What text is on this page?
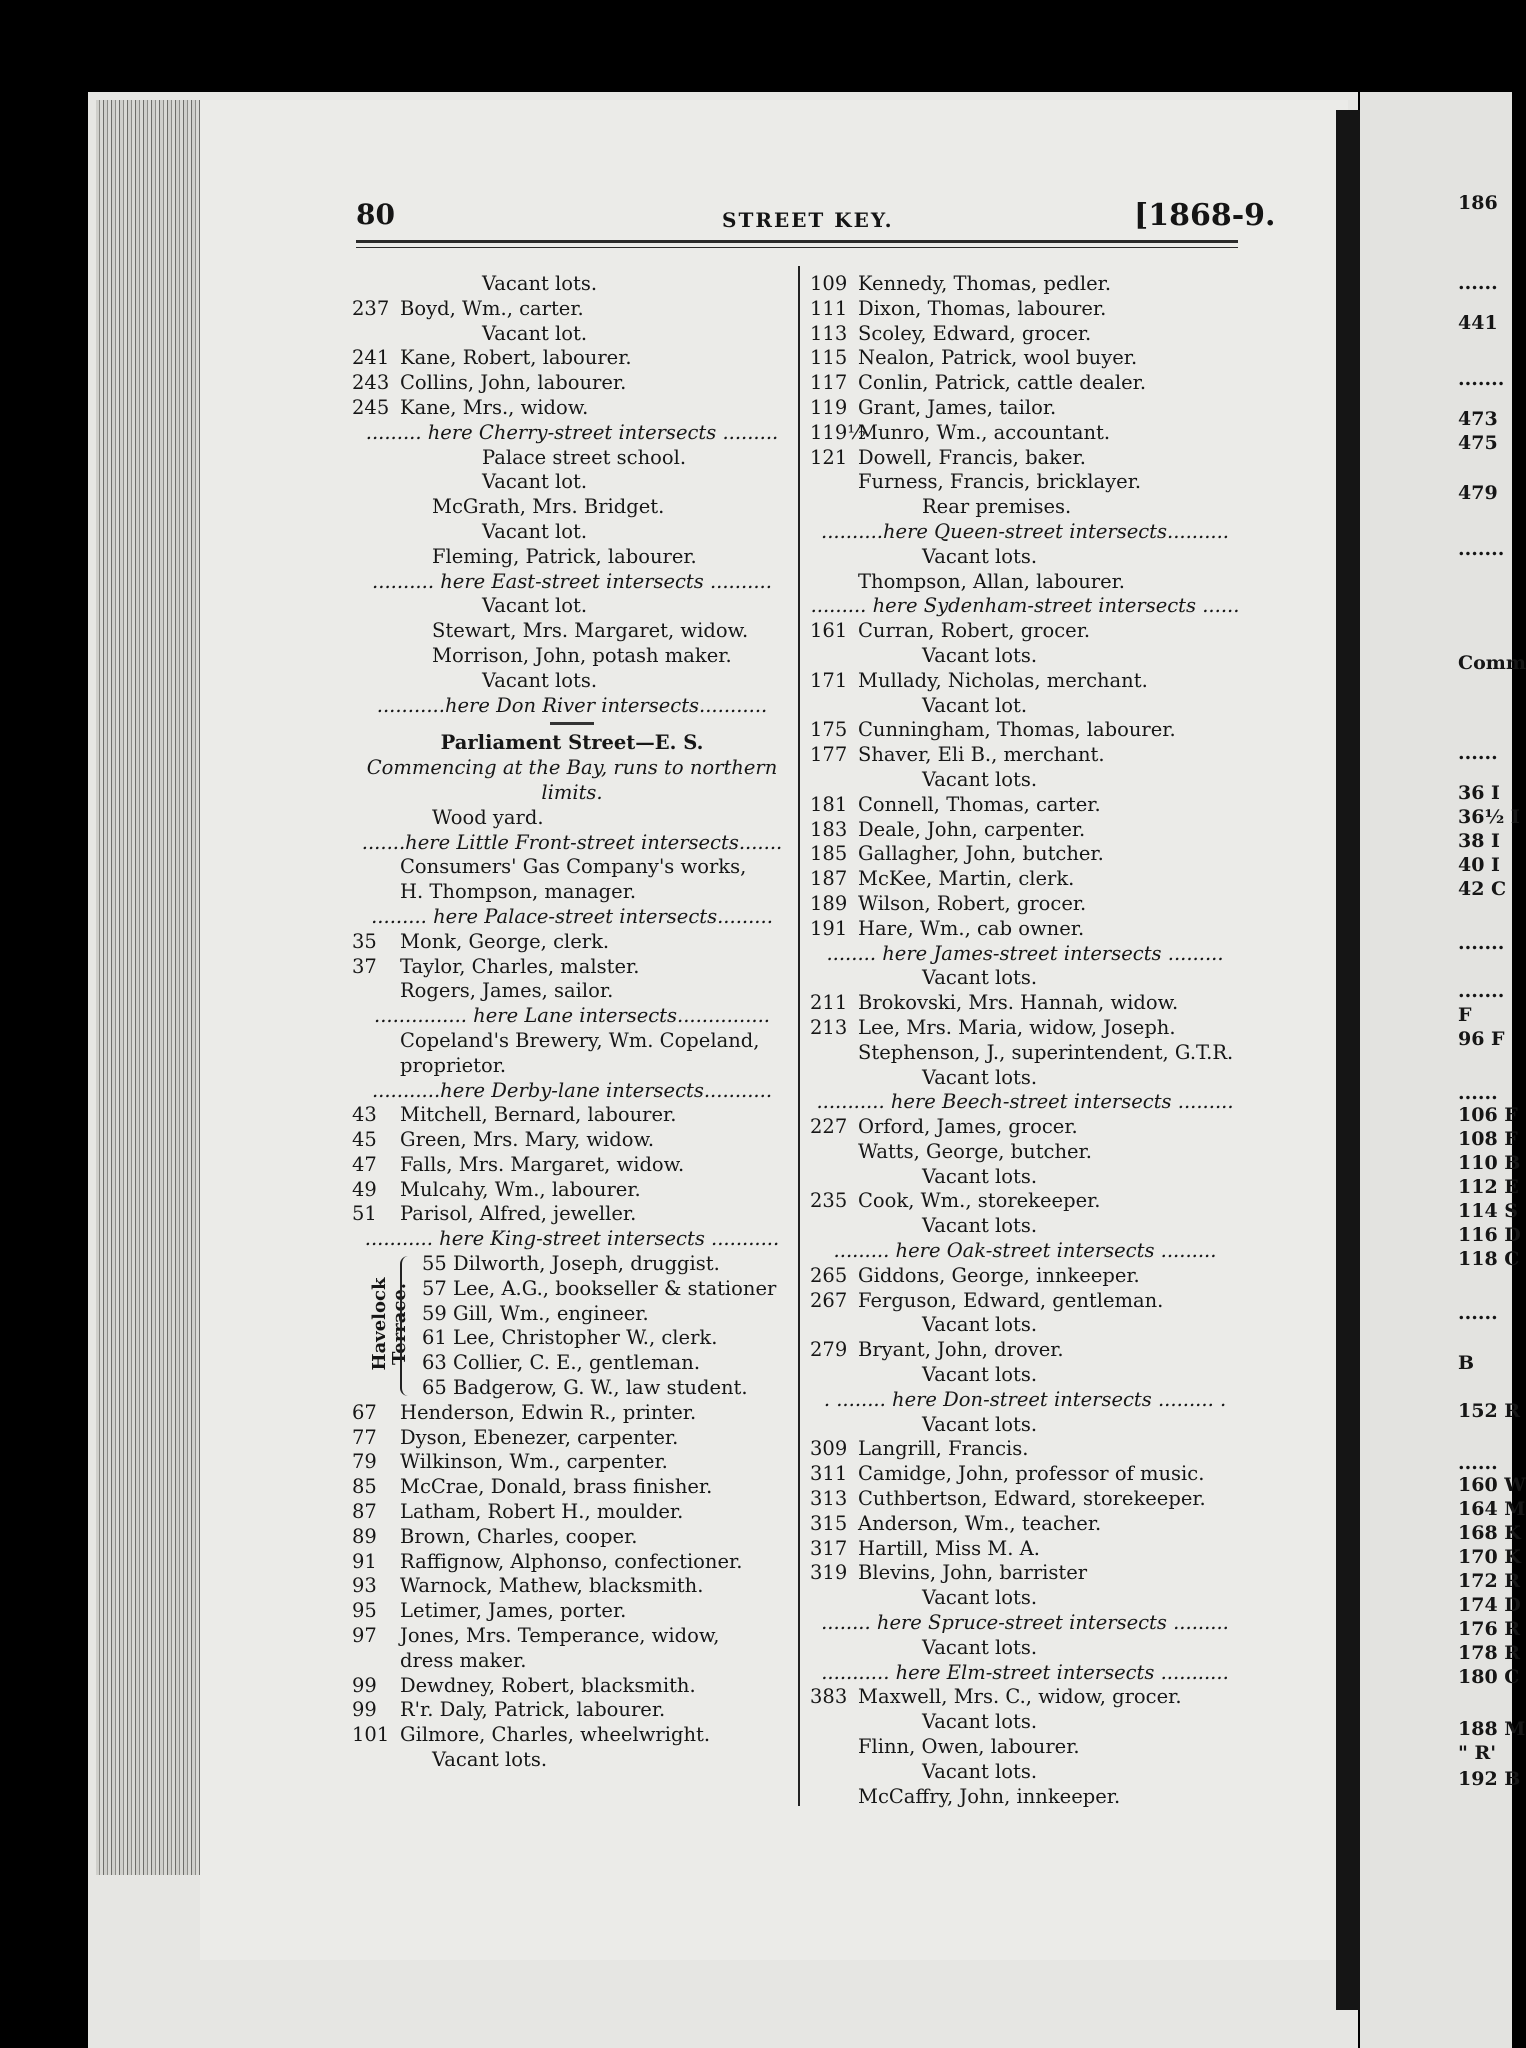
80	STREET KEY.	[1868-9.
Vacant lots.
237 Boyd, Wm., carter.
Vacant lot.
241 Kane, Robert, labourer.
243 Collins, John, labourer.
245 Kane, Mrs., widow.
......... here Cherry-street intersects .........
Palace street school.
Vacant lot.
McGrath, Mrs. Bridget.
Vacant lot.
Fleming, Patrick, labourer.
.......... here East-street intersects ..........
Vacant lot.
Stewart, Mrs. Margaret, widow.
Morrison, John, potash maker.
Vacant lots.
...........here Don River intersects...........
Parliament Street—E. S.
Commencing at the Bay, runs to northern limits.
Wood yard.
.......here Little Front-street intersects.......
Consumers' Gas Company's works,
H. Thompson, manager.
......... here Palace-street intersects.........
35 Monk, George, clerk.
37 Taylor, Charles, malster.
Rogers, James, sailor.
............... here Lane intersects...............
Copeland's Brewery, Wm. Copeland,
proprietor.
...........here Derby-lane intersects...........
43 Mitchell, Bernard, labourer.
45 Green, Mrs. Mary, widow.
47 Falls, Mrs. Margaret, widow.
49 Mulcahy, Wm., labourer.
51 Parisol, Alfred, jeweller.
........... here King-street intersects ...........
Havelock Terrace.
55 Dilworth, Joseph, druggist.
57 Lee, A.G., bookseller & stationer
59 Gill, Wm., engineer.
61 Lee, Christopher W., clerk.
63 Collier, C. E., gentleman.
65 Badgerow, G. W., law student.
67 Henderson, Edwin R., printer.
77 Dyson, Ebenezer, carpenter.
79 Wilkinson, Wm., carpenter.
85 McCrae, Donald, brass finisher.
87 Latham, Robert H., moulder.
89 Brown, Charles, cooper.
91 Raffignow, Alphonso, confectioner.
93 Warnock, Mathew, blacksmith.
95 Letimer, James, porter.
97 Jones, Mrs. Temperance, widow,
dress maker.
99 Dewdney, Robert, blacksmith.
99 R'r. Daly, Patrick, labourer.
101 Gilmore, Charles, wheelwright.
Vacant lots.
109 Kennedy, Thomas, pedler.
111 Dixon, Thomas, labourer.
113 Scoley, Edward, grocer.
115 Nealon, Patrick, wool buyer.
117 Conlin, Patrick, cattle dealer.
119 Grant, James, tailor.
119½Munro, Wm., accountant.
121 Dowell, Francis, baker.
Furness, Francis, bricklayer.
Rear premises.
..........here Queen-street intersects..........
Vacant lots.
Thompson, Allan, labourer.
......... here Sydenham-street intersects ......
161 Curran, Robert, grocer.
Vacant lots.
171 Mullady, Nicholas, merchant.
Vacant lot.
175 Cunningham, Thomas, labourer.
177 Shaver, Eli B., merchant.
Vacant lots.
181 Connell, Thomas, carter.
183 Deale, John, carpenter.
185 Gallagher, John, butcher.
187 McKee, Martin, clerk.
189 Wilson, Robert, grocer.
191 Hare, Wm., cab owner.
........ here James-street intersects .........
Vacant lots.
211 Brokovski, Mrs. Hannah, widow.
213 Lee, Mrs. Maria, widow, Joseph.
Stephenson, J., superintendent, G.T.R.
Vacant lots.
........... here Beech-street intersects .........
227 Orford, James, grocer.
Watts, George, butcher.
Vacant lots.
235 Cook, Wm., storekeeper.
Vacant lots.
......... here Oak-street intersects .........
265 Giddons, George, innkeeper.
267 Ferguson, Edward, gentleman.
Vacant lots.
279 Bryant, John, drover.
Vacant lots.
. ........ here Don-street intersects ......... .
Vacant lots.
309 Langrill, Francis.
311 Camidge, John, professor of music.
313 Cuthbertson, Edward, storekeeper.
315 Anderson, Wm., teacher.
317 Hartill, Miss M. A.
319 Blevins, John, barrister
Vacant lots.
........ here Spruce-street intersects .........
Vacant lots.
........... here Elm-street intersects ...........
383 Maxwell, Mrs. C., widow, grocer.
Vacant lots.
Flinn, Owen, labourer.
Vacant lots.
McCaffry, John, innkeeper.
186
......
441
.......
473
475
479
.......
Comm
......
36 I
36½ I
38 I
40 I
42 C
.......
.......
F
96 F
......
106 F
108 F
110 B
112 E
114 S
116 D
118 C
......
B
152 R
......
160 W
164 M
168 K
170 K
172 R
174 D
176 R
178 R
180 C
188 M
" R'
192 B
